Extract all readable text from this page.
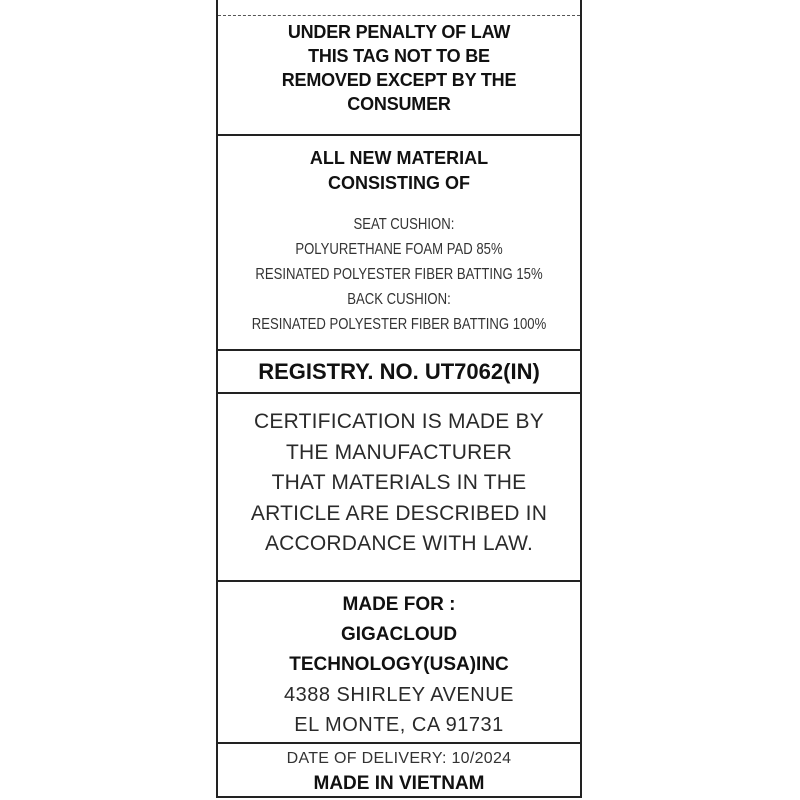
UNDER PENALTY OF LAW
THIS TAG NOT TO BE
REMOVED EXCEPT BY THE
CONSUMER
ALL NEW MATERIAL
CONSISTING OF
SEAT CUSHION:
POLYURETHANE FOAM PAD 85%
RESINATED POLYESTER FIBER BATTING 15%
BACK CUSHION:
RESINATED POLYESTER FIBER BATTING 100%
REGISTRY. NO. UT7062(IN)
CERTIFICATION IS MADE BY
THE MANUFACTURER
THAT MATERIALS IN THE
ARTICLE ARE DESCRIBED IN
ACCORDANCE WITH LAW.
MADE FOR :
GIGACLOUD
TECHNOLOGY(USA)INC
4388 SHIRLEY AVENUE
EL MONTE, CA 91731
DATE OF DELIVERY: 10/2024
MADE IN VIETNAM
